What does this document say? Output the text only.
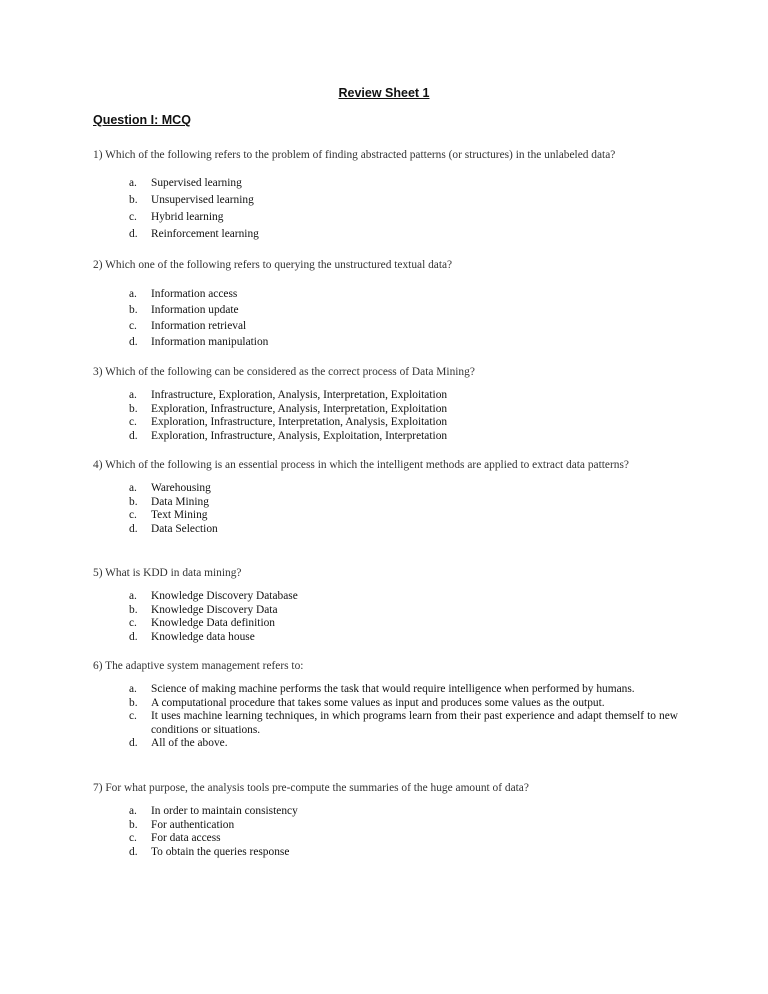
Review Sheet 1
Question I: MCQ
1) Which of the following refers to the problem of finding abstracted patterns (or structures) in the unlabeled data?
a.	Supervised learning
b.	Unsupervised learning
c.	Hybrid learning
d.	Reinforcement learning
2) Which one of the following refers to querying the unstructured textual data?
a.	Information access
b.	Information update
c.	Information retrieval
d.	Information manipulation
3) Which of the following can be considered as the correct process of Data Mining?
a.	Infrastructure, Exploration, Analysis, Interpretation, Exploitation
b.	Exploration, Infrastructure, Analysis, Interpretation, Exploitation
c.	Exploration, Infrastructure, Interpretation, Analysis, Exploitation
d.	Exploration, Infrastructure, Analysis, Exploitation, Interpretation
4) Which of the following is an essential process in which the intelligent methods are applied to extract data patterns?
a.	Warehousing
b.	Data Mining
c.	Text Mining
d.	Data Selection
5) What is KDD in data mining?
a.	Knowledge Discovery Database
b.	Knowledge Discovery Data
c.	Knowledge Data definition
d.	Knowledge data house
6) The adaptive system management refers to:
a.	Science of making machine performs the task that would require intelligence when performed by humans.
b.	A computational procedure that takes some values as input and produces some values as the output.
c.	It uses machine learning techniques, in which programs learn from their past experience and adapt themself to new conditions or situations.
d.	All of the above.
7) For what purpose, the analysis tools pre-compute the summaries of the huge amount of data?
a.	In order to maintain consistency
b.	For authentication
c.	For data access
d.	To obtain the queries response
